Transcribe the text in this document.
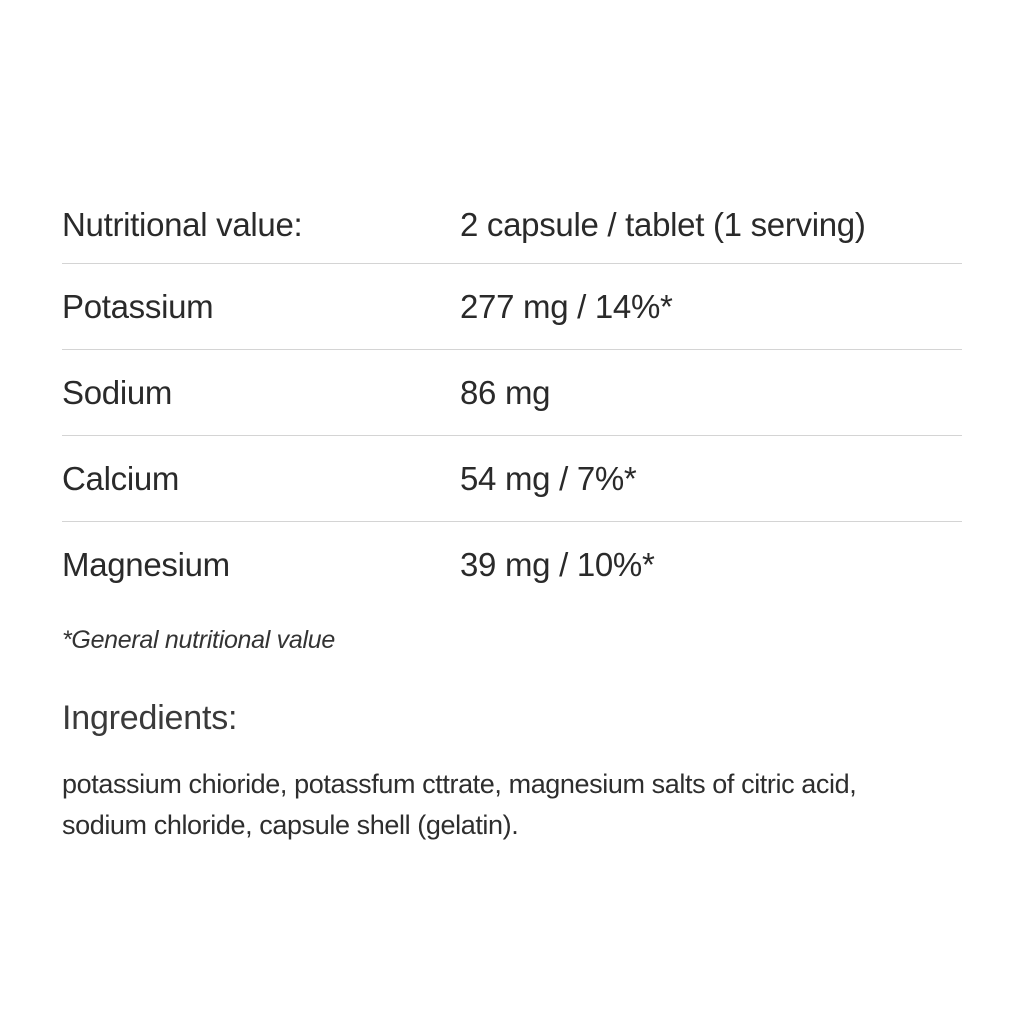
Nutritional value:	2 capsule / tablet (1 serving)
Potassium	277 mg / 14%*
Sodium	86 mg
Calcium	54 mg / 7%*
Magnesium	39 mg / 10%*
*General nutritional value
Ingredients:
potassium chioride, potassfum cttrate, magnesium salts of citric acid,
sodium chloride, capsule shell (gelatin).
